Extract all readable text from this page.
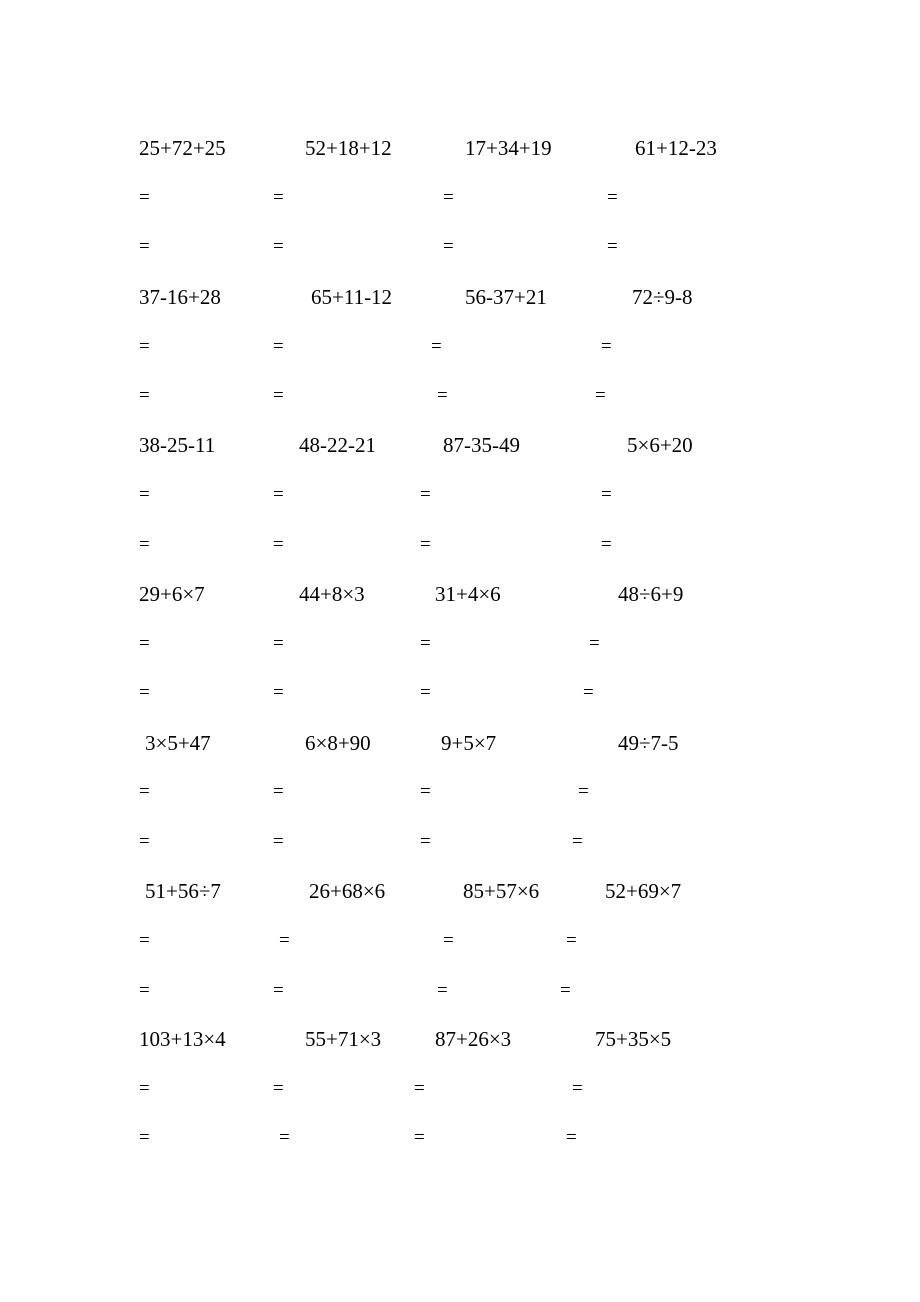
25+72+25	52+18+12	17+34+19	61+12-23
=	=	=	=
=	=	=	=
37-16+28	65+11-12	56-37+21	72÷9-8
=	=	=	=
=	=	=	=
38-25-11	48-22-21	87-35-49	5×6+20
=	=	=	=
=	=	=	=
29+6×7	44+8×3	31+4×6	48÷6+9
=	=	=	=
=	=	=	=
3×5+47	6×8+90	9+5×7	49÷7-5
=	=	=	=
=	=	=	=
51+56÷7	26+68×6	85+57×6	52+69×7
=	=	=	=
=	=	=	=
103+13×4	55+71×3	87+26×3	75+35×5
=	=	=	=
=	=	=	=
